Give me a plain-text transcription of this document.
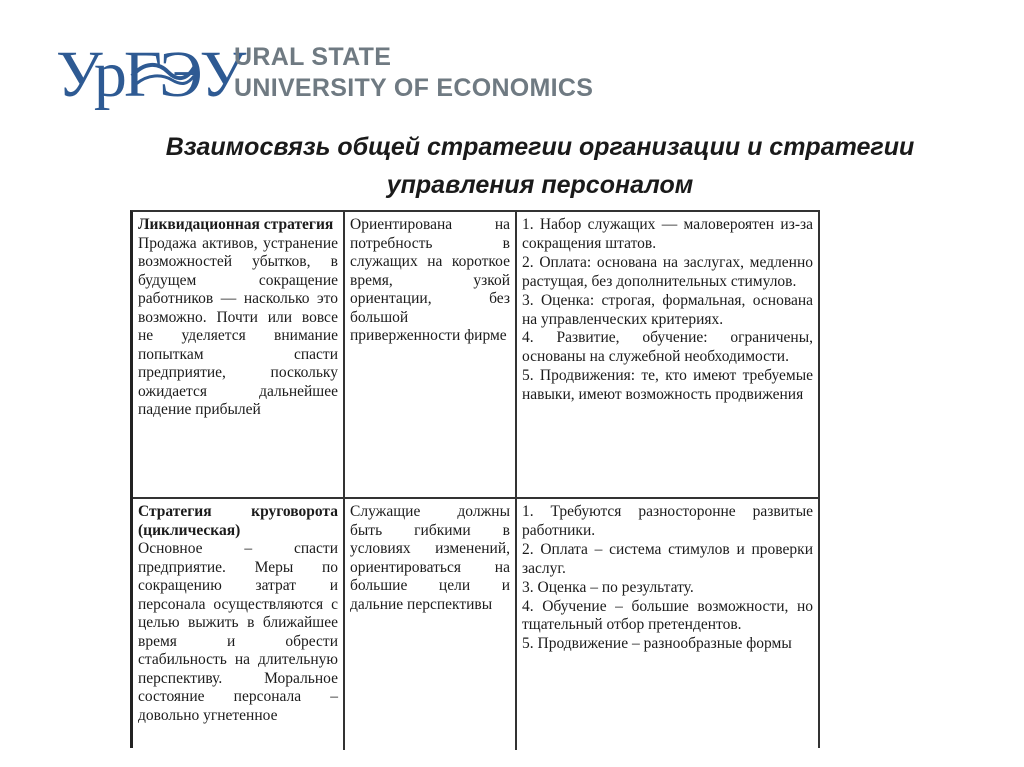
УрГЭУ
URAL STATE
UNIVERSITY OF ECONOMICS
Взаимосвязь общей стратегии организации и стратегии
управления персоналом
Ликвидационная стратегия
Продажа активов, устранение возможностей убытков, в будущем сокращение работников — насколько это возможно. Почти или вовсе не уделяется внимание попыткам спасти предприятие, поскольку ожидается дальнейшее падение прибылей
Ориентирована на потребность в служащих на короткое время, узкой ориентации, без большой приверженности фирме
1. Набор служащих — маловероятен из-за сокращения штатов.
2. Оплата: основана на заслугах, медленно растущая, без дополнительных стимулов.
3. Оценка: строгая, формальная, основана на управленческих критериях.
4. Развитие, обучение: ограничены, основаны на служебной необходимости.
5. Продвижения: те, кто имеют требуемые навыки, имеют возможность продвижения
Стратегия круговорота (циклическая)
Основное – спасти предприятие. Меры по сокращению затрат и персонала осуществляются с целью выжить в ближайшее время и обрести стабильность на длительную перспективу. Моральное состояние персонала – довольно угнетенное
Служащие должны быть гибкими в условиях изменений, ориентироваться на большие цели и дальние перспективы
1. Требуются разносторонне развитые работники.
2. Оплата – система стимулов и проверки заслуг.
3. Оценка – по результату.
4. Обучение – большие возможности, но тщательный отбор претендентов.
5. Продвижение – разнообразные формы
